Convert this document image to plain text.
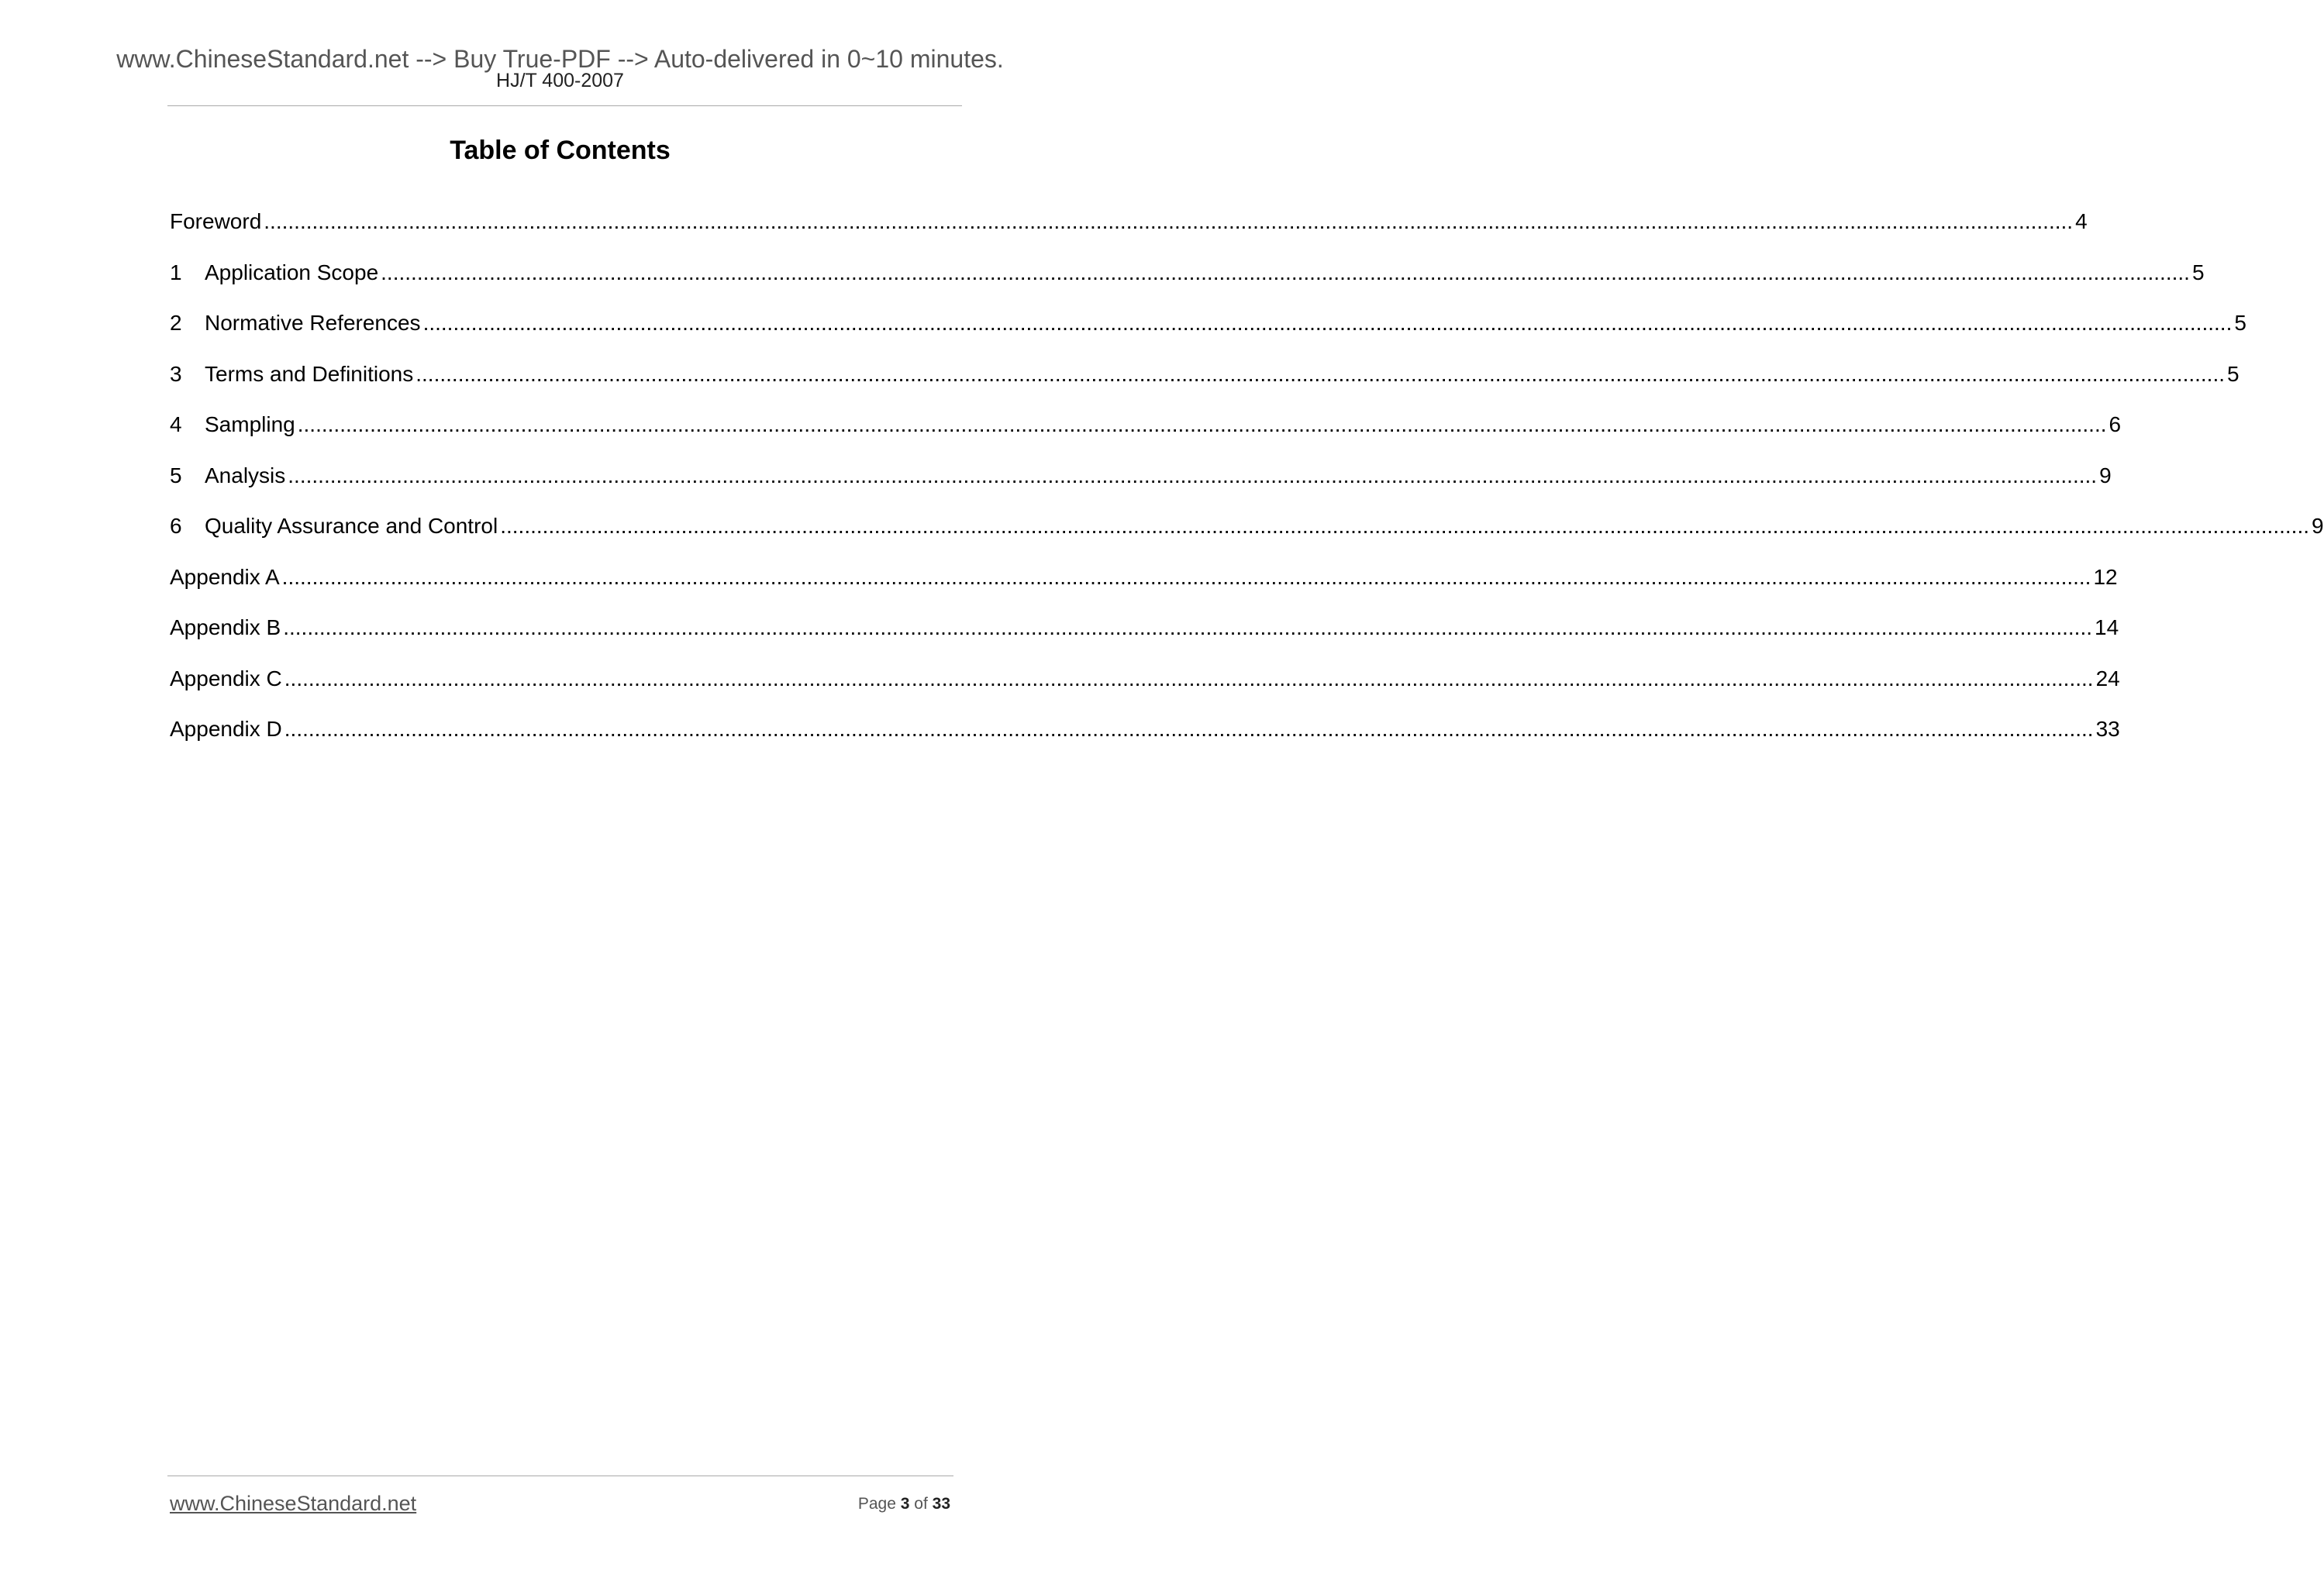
www.ChineseStandard.net --> Buy True-PDF --> Auto-delivered in 0~10 minutes.
HJ/T 400-2007
Table of Contents
Foreword ............................................................................................................................................................................................................................................................................................................ 4
1	Application Scope ............................................................................................................................................................................................................................................................................................................ 5
2	Normative References ............................................................................................................................................................................................................................................................................................................ 5
3	Terms and Definitions ............................................................................................................................................................................................................................................................................................................ 5
4	Sampling ............................................................................................................................................................................................................................................................................................................ 6
5	Analysis ............................................................................................................................................................................................................................................................................................................ 9
6	Quality Assurance and Control ............................................................................................................................................................................................................................................................................................................ 9
Appendix A ............................................................................................................................................................................................................................................................................................................ 12
Appendix B ............................................................................................................................................................................................................................................................................................................ 14
Appendix C ............................................................................................................................................................................................................................................................................................................ 24
Appendix D ............................................................................................................................................................................................................................................................................................................ 33
www.ChineseStandard.net	Page 3 of 33
